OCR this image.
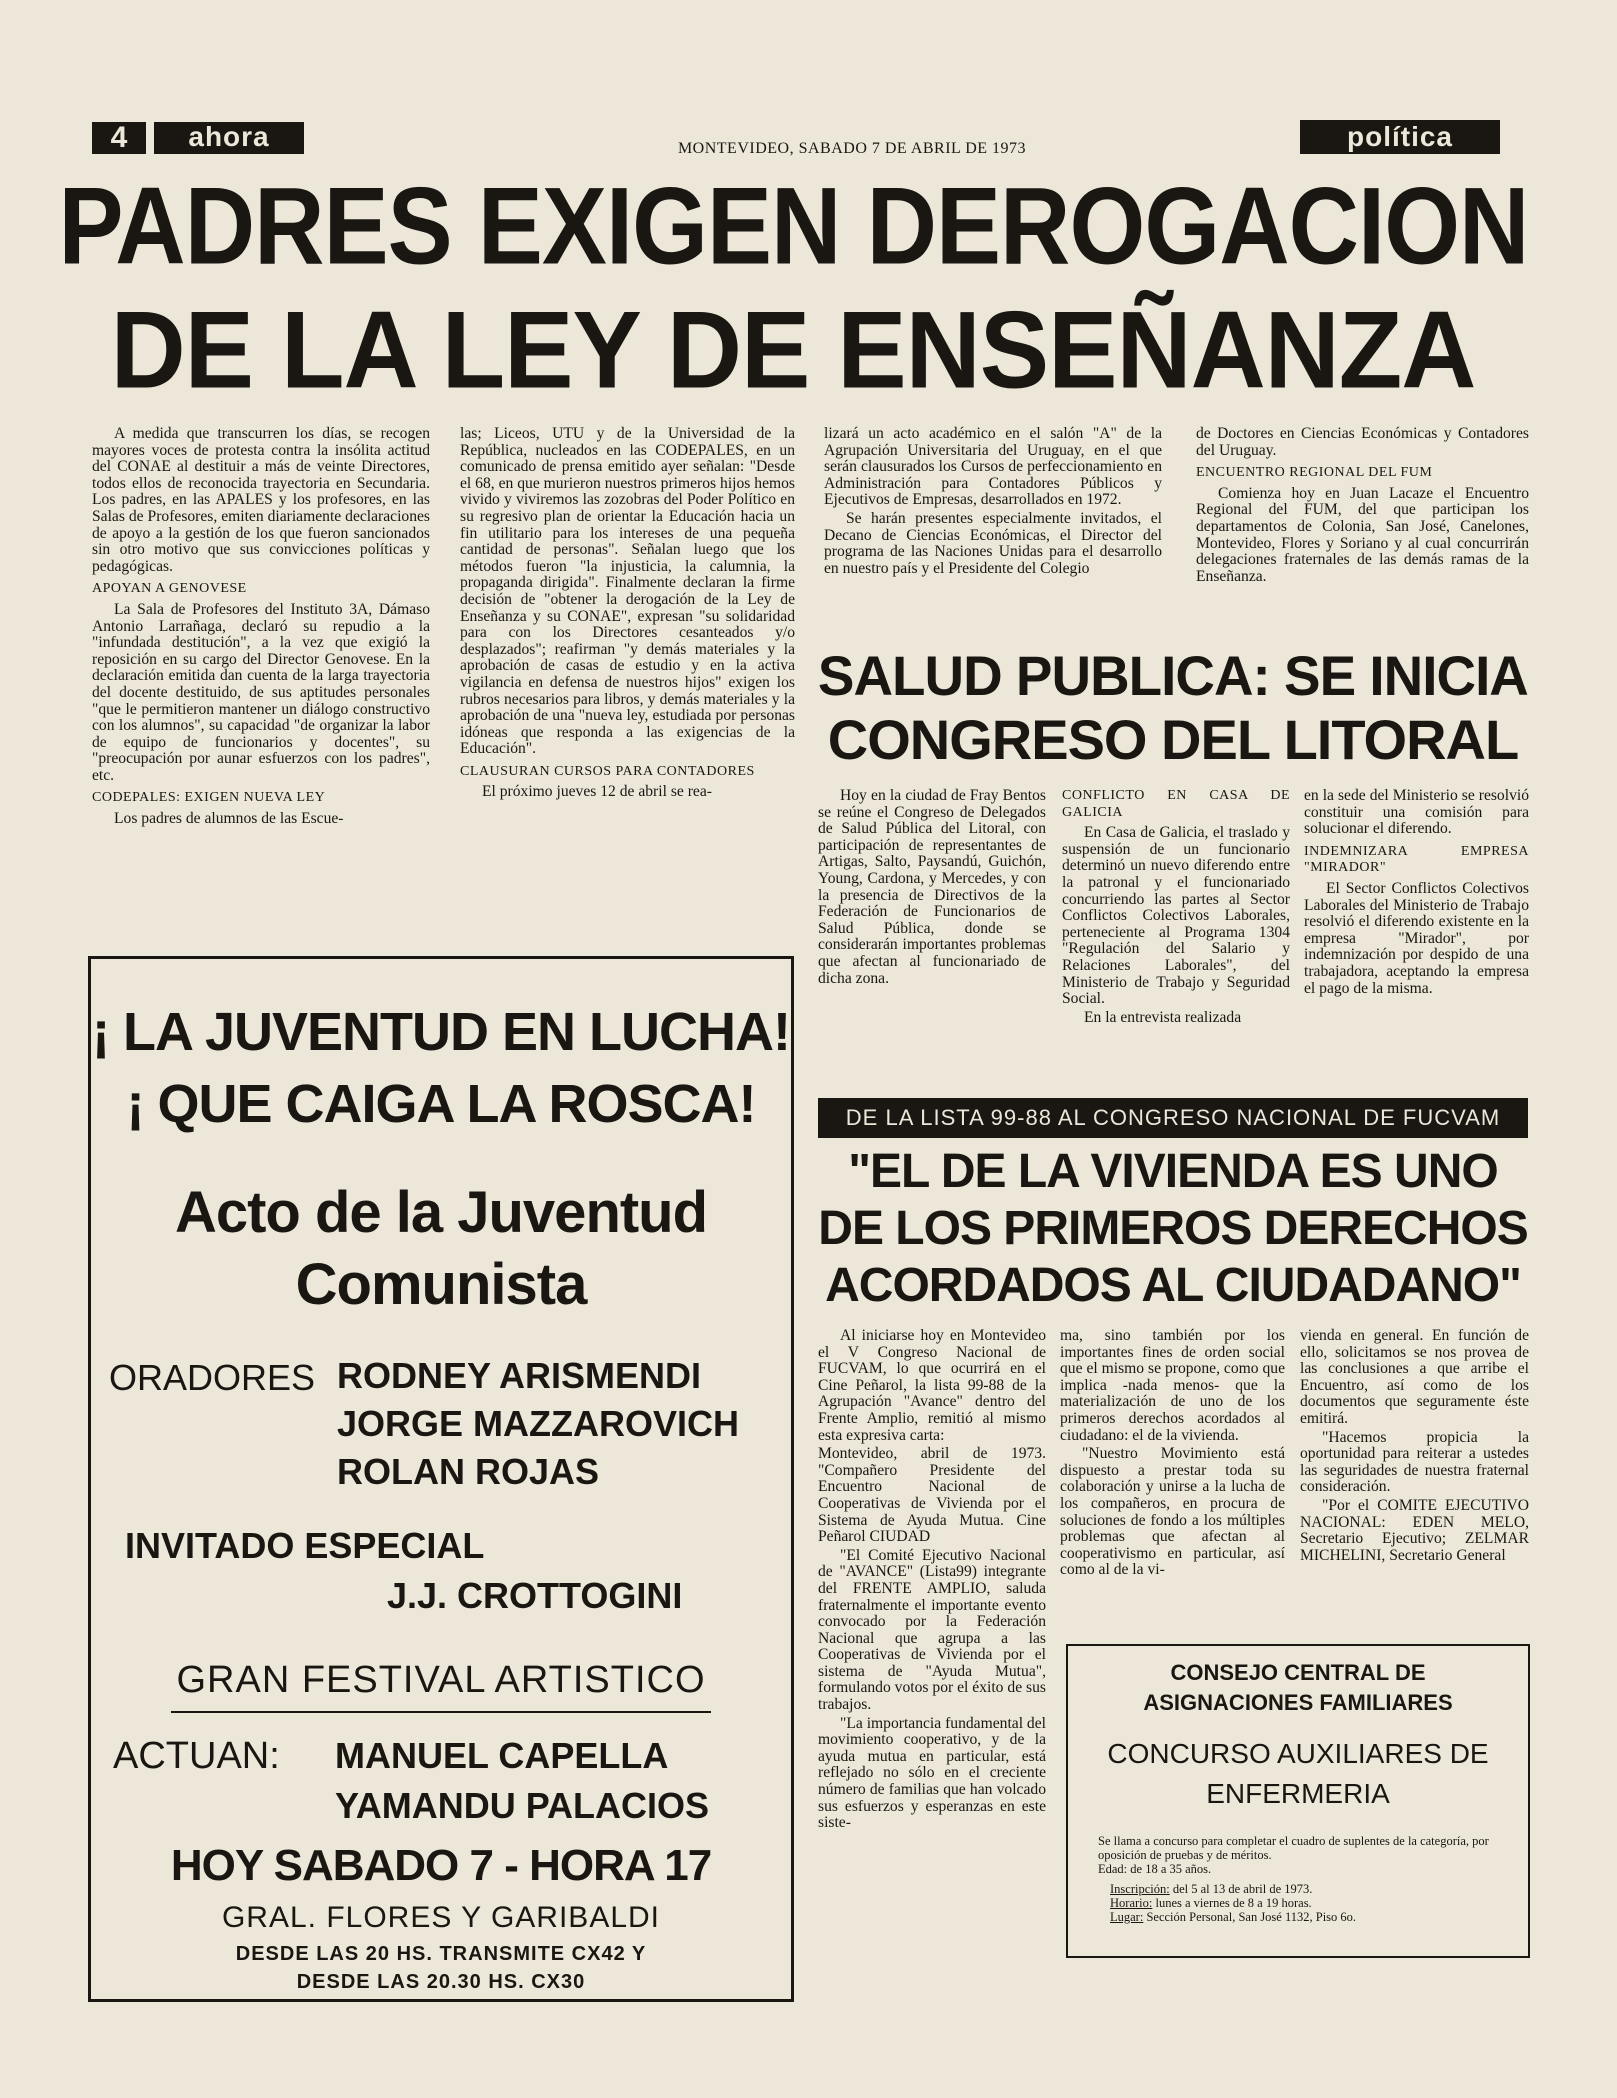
4	ahora	MONTEVIDEO, SABADO 7 DE ABRIL DE 1973	política
PADRES EXIGEN DEROGACION
DE LA LEY DE ENSEÑANZA

A medida que transcurren los días, se recogen mayores voces de protesta contra la insólita actitud del CONAE al destituir a más de veinte Directores, todos ellos de reconocida trayectoria en Secundaria. Los padres, en las APALES y los profesores, en las Salas de Profesores, emiten diariamente declaraciones de apoyo a la gestión de los que fueron sancionados sin otro motivo que sus convicciones políticas y pedagógicas.

APOYAN A GENOVESE

La Sala de Profesores del Instituto 3A, Dámaso Antonio Larrañaga, declaró su repudio a la "infundada destitución", a la vez que exigió la reposición en su cargo del Director Genovese. En la declaración emitida dan cuenta de la larga trayectoria del docente destituido, de sus aptitudes personales "que le permitieron mantener un diálogo constructivo con los alumnos", su capacidad "de organizar la labor de equipo de funcionarios y docentes", su "preocupación por aunar esfuerzos con los padres", etc.

CODEPALES: EXIGEN NUEVA LEY

Los padres de alumnos de las Escue-

las; Liceos, UTU y de la Universidad de la República, nucleados en las CODEPALES, en un comunicado de prensa emitido ayer señalan: "Desde el 68, en que murieron nuestros primeros hijos hemos vivido y viviremos las zozobras del Poder Político en su regresivo plan de orientar la Educación hacia un fin utilitario para los intereses de una pequeña cantidad de personas". Señalan luego que los métodos fueron "la injusticia, la calumnia, la propaganda dirigida". Finalmente declaran la firme decisión de "obtener la derogación de la Ley de Enseñanza y su CONAE", expresan "su solidaridad para con los Directores cesanteados y/o desplazados"; reafirman "y demás materiales y la aprobación de casas de estudio y en la activa vigilancia en defensa de nuestros hijos" exigen los rubros necesarios para libros, y demás materiales y la aprobación de una "nueva ley, estudiada por personas idóneas que responda a las exigencias de la Educación".

CLAUSURAN CURSOS PARA CONTADORES

El próximo jueves 12 de abril se rea-

lizará un acto académico en el salón "A" de la Agrupación Universitaria del Uruguay, en el que serán clausurados los Cursos de perfeccionamiento en Administración para Contadores Públicos y Ejecutivos de Empresas, desarrollados en 1972.

Se harán presentes especialmente invitados, el Decano de Ciencias Económicas, el Director del programa de las Naciones Unidas para el desarrollo en nuestro país y el Presidente del Colegio

de Doctores en Ciencias Económicas y Contadores del Uruguay.

ENCUENTRO REGIONAL DEL FUM

Comienza hoy en Juan Lacaze el Encuentro Regional del FUM, del que participan los departamentos de Colonia, San José, Canelones, Montevideo, Flores y Soriano y al cual concurrirán delegaciones fraternales de las demás ramas de la Enseñanza.

SALUD PUBLICA: SE INICIA
CONGRESO DEL LITORAL

Hoy en la ciudad de Fray Bentos se reúne el Congreso de Delegados de Salud Pública del Litoral, con participación de representantes de Artigas, Salto, Paysandú, Guichón, Young, Cardona, y Mercedes, y con la presencia de Directivos de la Federación de Funcionarios de Salud Pública, donde se considerarán importantes problemas que afectan al funcionariado de dicha zona.

CONFLICTO EN CASA DE GALICIA

En Casa de Galicia, el traslado y suspensión de un funcionario determinó un nuevo diferendo entre la patronal y el funcionariado concurriendo las partes al Sector Conflictos Colectivos Laborales, perteneciente al Programa 1304 "Regulación del Salario y Relaciones Laborales", del Ministerio de Trabajo y Seguridad Social.

En la entrevista realizada

en la sede del Ministerio se resolvió constituir una comisión para solucionar el diferendo.

INDEMNIZARA EMPRESA "MIRADOR"

El Sector Conflictos Colectivos Laborales del Ministerio de Trabajo resolvió el diferendo existente en la empresa "Mirador", por indemnización por despido de una trabajadora, aceptando la empresa el pago de la misma.

DE LA LISTA 99-88 AL CONGRESO NACIONAL DE FUCVAM
"EL DE LA VIVIENDA ES UNO
DE LOS PRIMEROS DERECHOS
ACORDADOS AL CIUDADANO"

Al iniciarse hoy en Montevideo el V Congreso Nacional de FUCVAM, lo que ocurrirá en el Cine Peñarol, la lista 99-88 de la Agrupación "Avance" dentro del Frente Amplio, remitió al mismo esta expresiva carta:

Montevideo, abril de 1973. "Compañero Presidente del Encuentro Nacional de Cooperativas de Vivienda por el Sistema de Ayuda Mutua. Cine Peñarol CIUDAD

"El Comité Ejecutivo Nacional de "AVANCE" (Lista99) integrante del FRENTE AMPLIO, saluda fraternalmente el importante evento convocado por la Federación Nacional que agrupa a las Cooperativas de Vivienda por el sistema de "Ayuda Mutua", formulando votos por el éxito de sus trabajos.

"La importancia fundamental del movimiento cooperativo, y de la ayuda mutua en particular, está reflejado no sólo en el creciente número de familias que han volcado sus esfuerzos y esperanzas en este siste-

ma, sino también por los importantes fines de orden social que el mismo se propone, como que implica -nada menos- que la materialización de uno de los primeros derechos acordados al ciudadano: el de la vivienda.

"Nuestro Movimiento está dispuesto a prestar toda su colaboración y unirse a la lucha de los compañeros, en procura de soluciones de fondo a los múltiples problemas que afectan al cooperativismo en particular, así como al de la vi-

vienda en general. En función de ello, solicitamos se nos provea de las conclusiones a que arribe el Encuentro, así como de los documentos que seguramente éste emitirá.

"Hacemos propicia la oportunidad para reiterar a ustedes las seguridades de nuestra fraternal consideración.

"Por el COMITE EJECUTIVO NACIONAL: EDEN MELO, Secretario Ejecutivo; ZELMAR MICHELINI, Secretario General

¡ LA JUVENTUD EN LUCHA!
¡ QUE CAIGA LA ROSCA!
Acto de la Juventud
Comunista
ORADORES RODNEY ARISMENDI
JORGE MAZZAROVICH
ROLAN ROJAS
INVITADO ESPECIAL
J.J. CROTTOGINI
GRAN FESTIVAL ARTISTICO
ACTUAN: MANUEL CAPELLA
YAMANDU PALACIOS
HOY SABADO 7 - HORA 17
GRAL. FLORES Y GARIBALDI
DESDE LAS 20 HS. TRANSMITE CX42 Y
DESDE LAS 20.30 HS. CX30
CONSEJO CENTRAL DE
ASIGNACIONES FAMILIARES
CONCURSO AUXILIARES DE
ENFERMERIA
Se llama a concurso para completar el cuadro de suplentes de la categoría, por oposición de pruebas y de méritos.
Edad: de 18 a 35 años.
Inscripción: del 5 al 13 de abril de 1973.
Horario: lunes a viernes de 8 a 19 horas.
Lugar: Sección Personal, San José 1132, Piso 6o.
